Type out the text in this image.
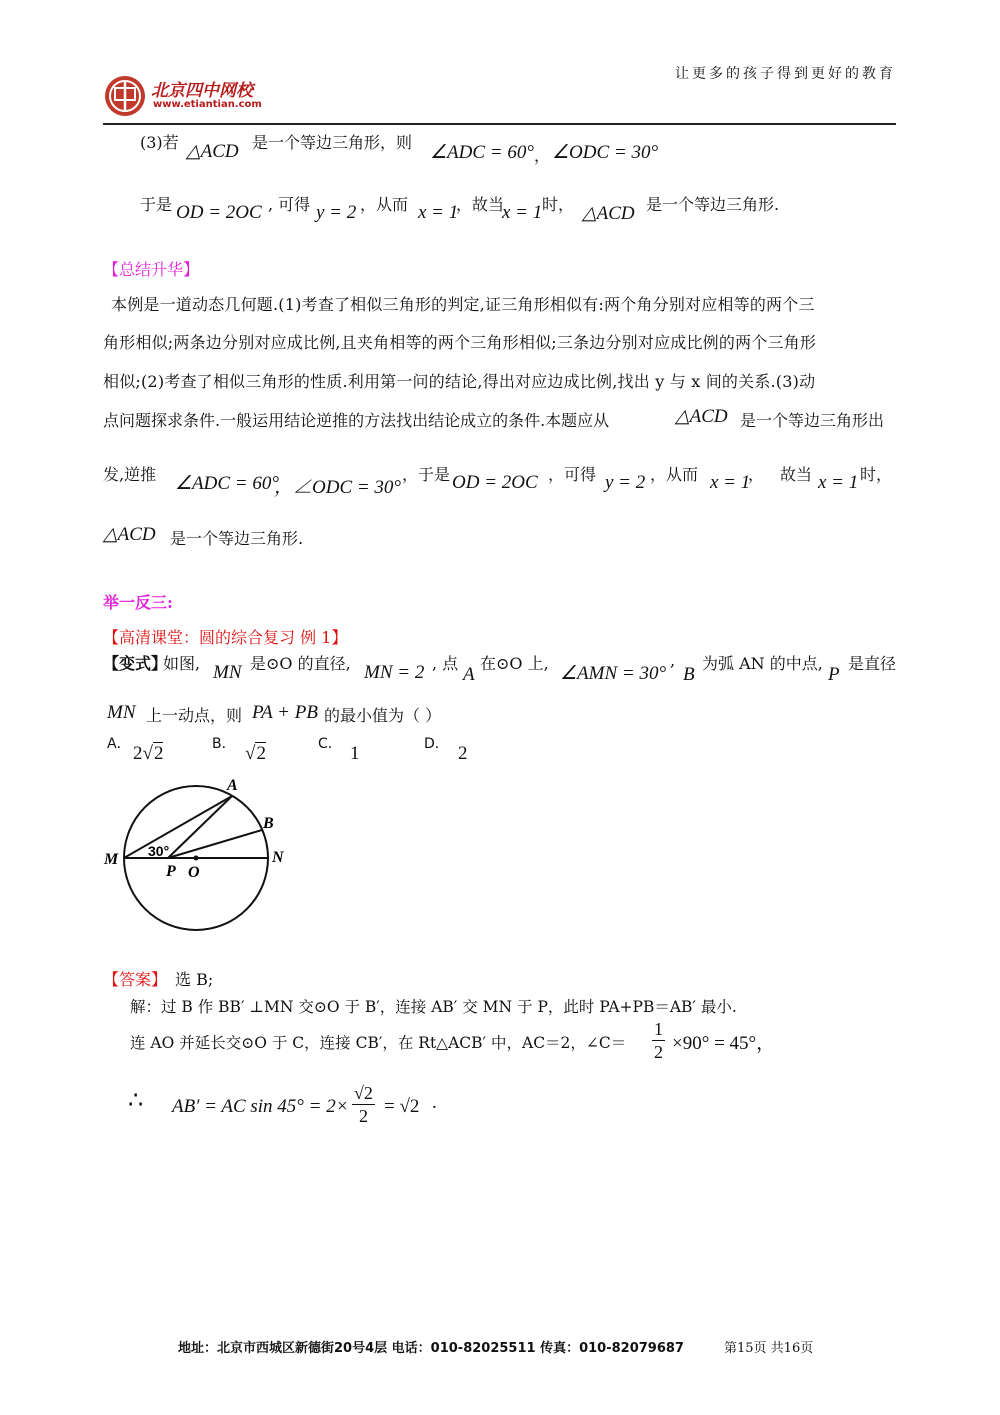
让更多的孩子得到更好的教育
北京四中网校
www.etiantian.com
(3)若 △ACD 是一个等边三角形，则 ∠ADC = 60° ， ∠ODC = 30°
于是 OD = 2OC , 可得 y = 2 ，从而 x = 1
，故当
x = 1 时， △ACD 是一个等边三角形.
【总结升华】
本例是一道动态几何题.(1)考查了相似三角形的判定,证三角形相似有:两个角分别对应相等的两个三
角形相似;两条边分别对应成比例,且夹角相等的两个三角形相似;三条边分别对应成比例的两个三角形
相似;(2)考查了相似三角形的性质.利用第一问的结论,得出对应边成比例,找出 y 与 x 间的关系.(3)动
点问题探求条件.一般运用结论逆推的方法找出结论成立的条件.本题应从	△ACD 是一个等边三角形出
发,逆推 ∠ADC = 60°
，∠ODC = 30°
，于是 OD = 2OC ，可得 y = 2 ，从而 x = 1
， 故当 x = 1 时，
△ACD 是一个等边三角形.
举一反三:
【高清课堂：圆的综合复习 例 1】
【变式】
如图, MN 是⊙O 的直径, MN = 2 , 点
A
在⊙O 上, ∠AMN = 30°
,
B
为弧 AN 的中点,
P
是直径
MN 上一动点，则 PA + PB 的最小值为（ ）
A． 2√2	B． √2	C． 1	D． 2
A
B
M	N
P O
30°
【答案】 选 B;
解：过 B 作 BB′ ⊥MN 交⊙O 于 B′，连接 AB′ 交 MN 于 P，此时 PA+PB＝AB′ 最小.
连 AO 并延长交⊙O 于 C，连接 CB′，在 Rt△ACB′ 中，AC＝2，∠C＝ $\frac{1}{2} \times 90^\circ = 45^\circ$，
∴ AB′ = AC $\sin 45^\circ = 2\times \frac{√2}{2} = √2$ .
地址：北京市西城区新德街20号4层 电话：010-82025511 传真：010-82079687	第15页 共16页
